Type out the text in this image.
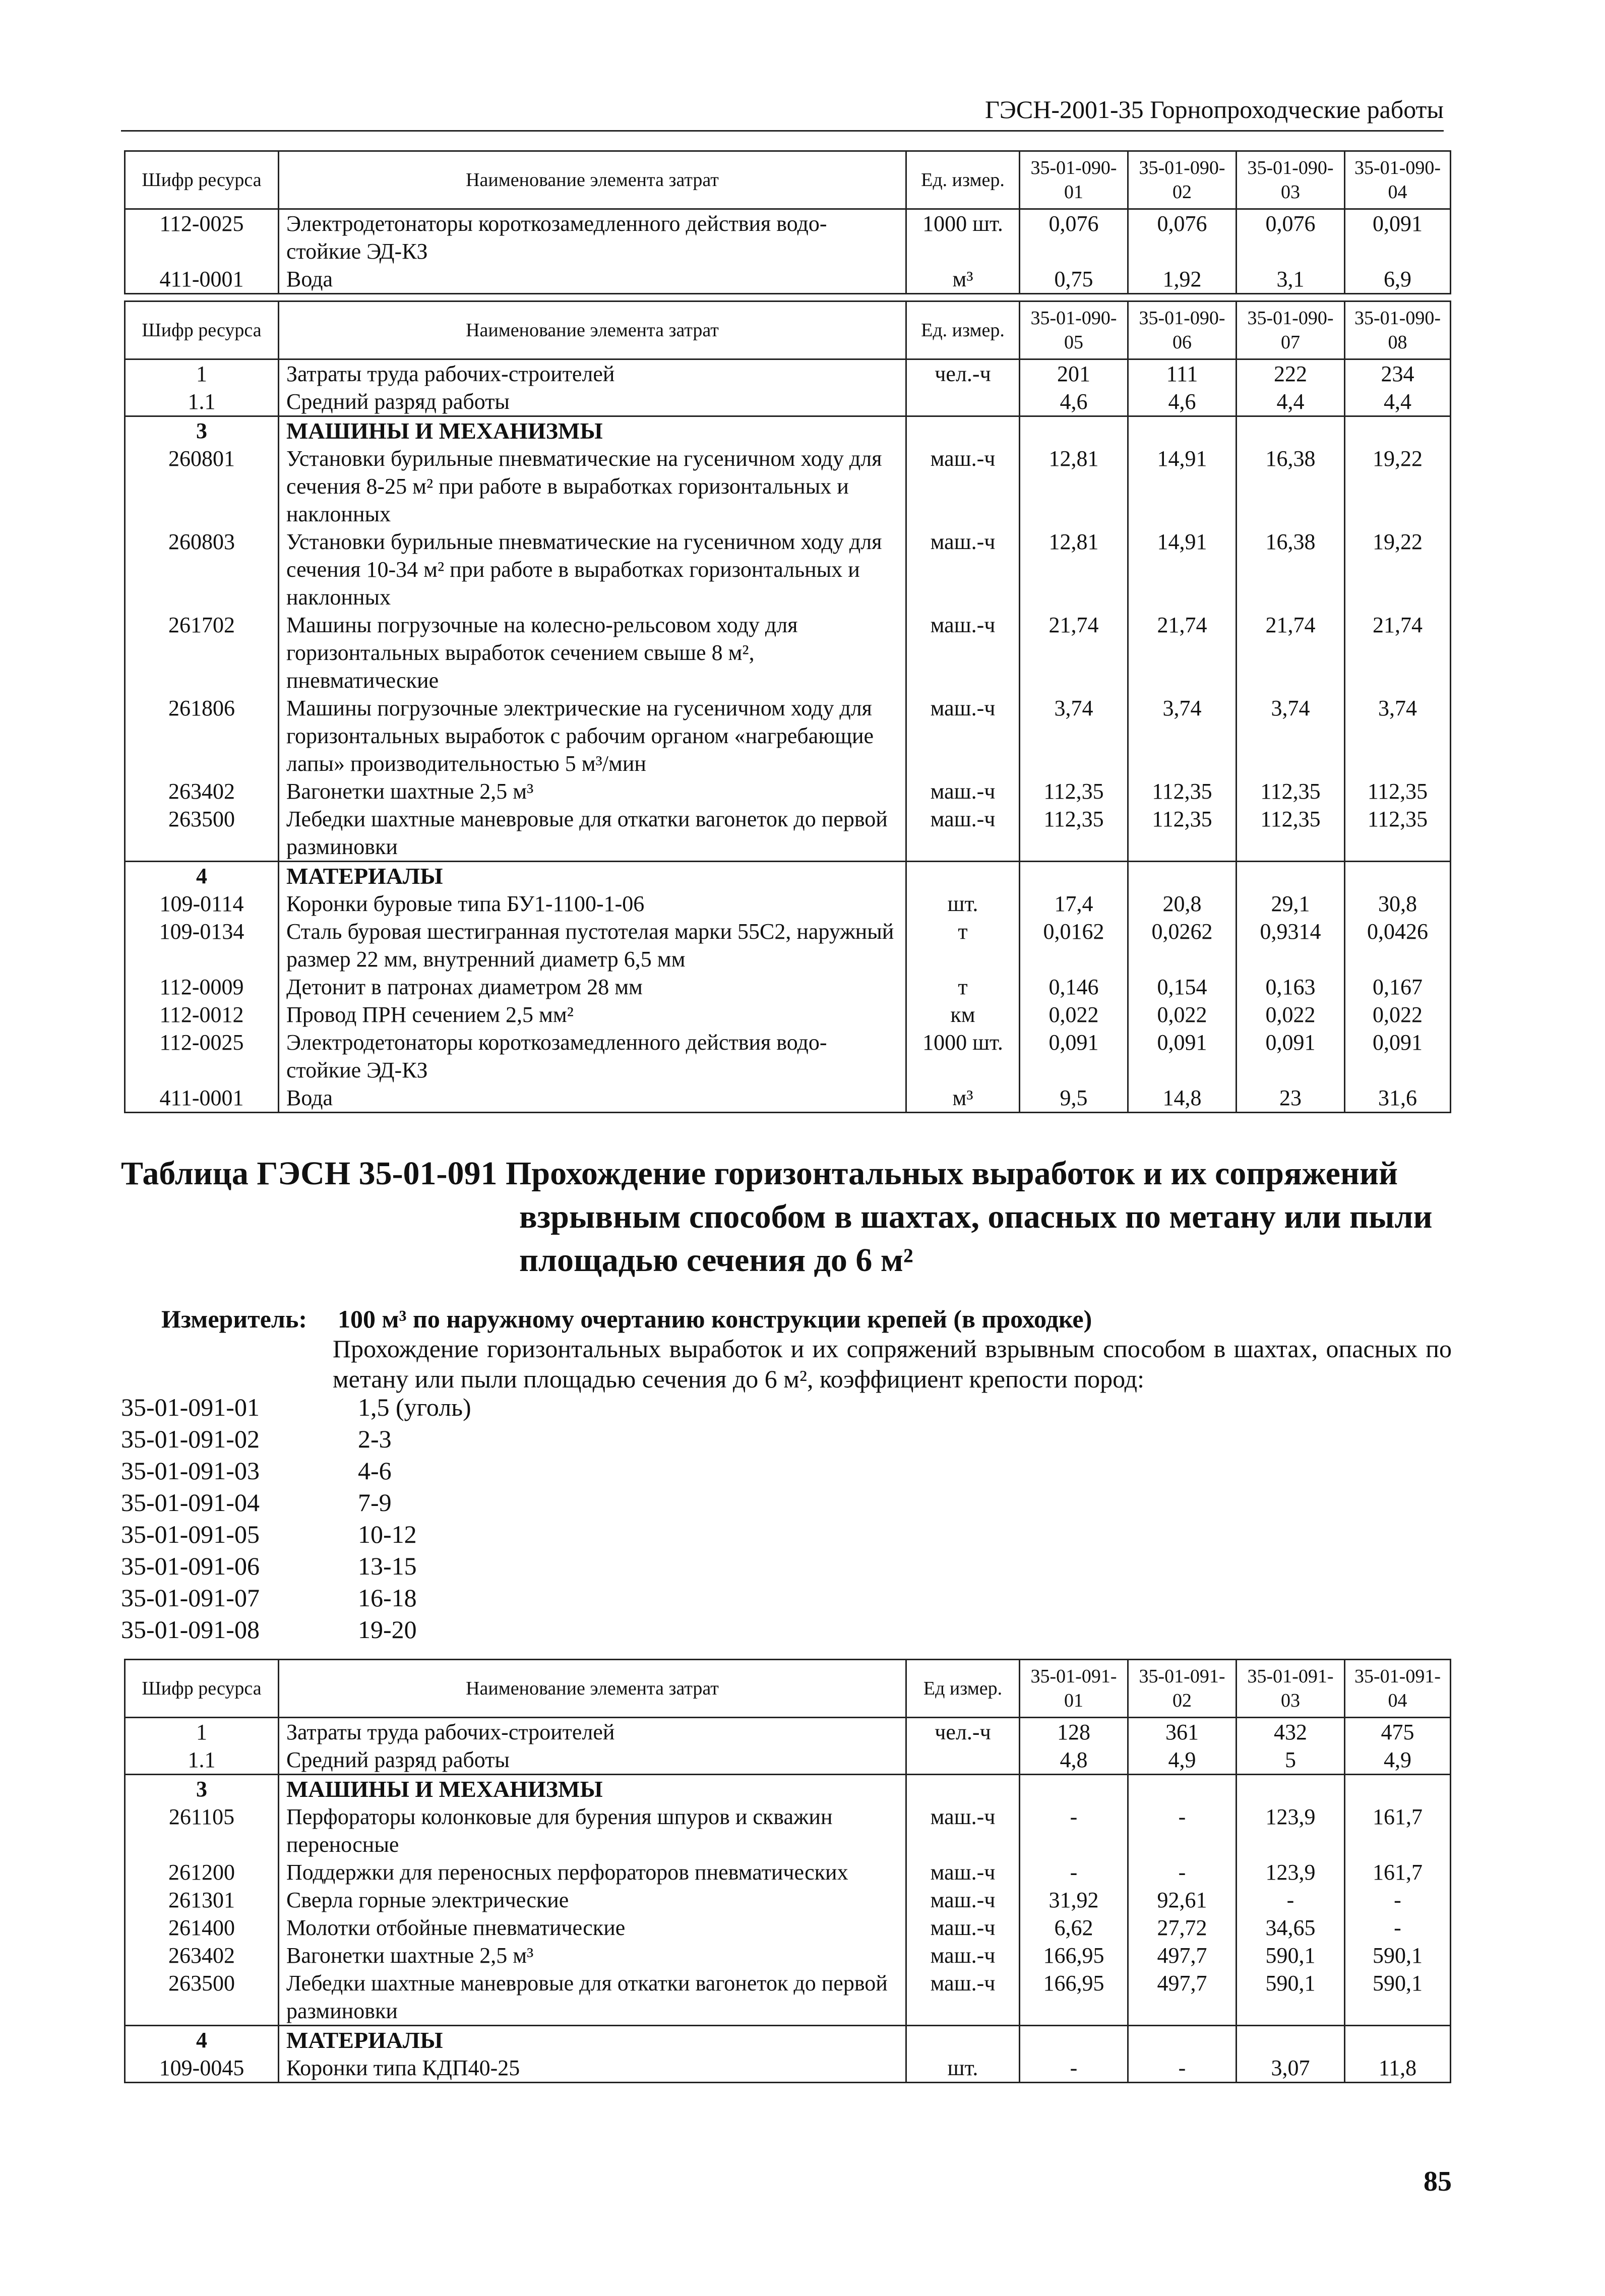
ГЭСН-2001-35 Горнопроходческие работы
Шифр ресурса	Наименование элемента затрат	Ед. измер.	35-01-090-01	35-01-090-02	35-01-090-03	35-01-090-04
112-0025	Электродетонаторы короткозамедленного действия водо-стойкие ЭД-КЗ	1000 шт.	0,076	0,076	0,076	0,091
411-0001	Вода	м³	0,75	1,92	3,1	6,9
Шифр ресурса	Наименование элемента затрат	Ед. измер.	35-01-090-05	35-01-090-06	35-01-090-07	35-01-090-08
1	Затраты труда рабочих-строителей	чел.-ч	201	111	222	234
1.1	Средний разряд работы		4,6	4,6	4,4	4,4
3	МАШИНЫ И МЕХАНИЗМЫ					
260801	Установки бурильные пневматические на гусеничном ходу для сечения 8-25 м² при работе в выработках горизонтальных и наклонных	маш.-ч	12,81	14,91	16,38	19,22
260803	Установки бурильные пневматические на гусеничном ходу для сечения 10-34 м² при работе в выработках горизонтальных и наклонных	маш.-ч	12,81	14,91	16,38	19,22
261702	Машины погрузочные на колесно-рельсовом ходу для горизонтальных выработок сечением свыше 8 м², пневматические	маш.-ч	21,74	21,74	21,74	21,74
261806	Машины погрузочные электрические на гусеничном ходу для горизонтальных выработок с рабочим органом «нагребающие лапы» производительностью 5 м³/мин	маш.-ч	3,74	3,74	3,74	3,74
263402	Вагонетки шахтные 2,5 м³	маш.-ч	112,35	112,35	112,35	112,35
263500	Лебедки шахтные маневровые для откатки вагонеток до первой разминовки	маш.-ч	112,35	112,35	112,35	112,35
4	МАТЕРИАЛЫ					
109-0114	Коронки буровые типа БУ1-1100-1-06	шт.	17,4	20,8	29,1	30,8
109-0134	Сталь буровая шестигранная пустотелая марки 55С2, наружный размер 22 мм, внутренний диаметр 6,5 мм	т	0,0162	0,0262	0,9314	0,0426
112-0009	Детонит в патронах диаметром 28 мм	т	0,146	0,154	0,163	0,167
112-0012	Провод ПРН сечением 2,5 мм²	км	0,022	0,022	0,022	0,022
112-0025	Электродетонаторы короткозамедленного действия водо-стойкие ЭД-КЗ	1000 шт.	0,091	0,091	0,091	0,091
411-0001	Вода	м³	9,5	14,8	23	31,6
Таблица ГЭСН 35-01-091 Прохождение горизонтальных выработок и их сопряжений
взрывным способом в шахтах, опасных по метану или пыли
площадью сечения до 6 м²
Измеритель: 100 м³ по наружному очертанию конструкции крепей (в проходке)
Прохождение горизонтальных выработок и их сопряжений взрывным способом в шахтах, опасных по метану или пыли площадью сечения до 6 м², коэффициент крепости пород:
35-01-091-01	1,5 (уголь)
35-01-091-02	2-3
35-01-091-03	4-6
35-01-091-04	7-9
35-01-091-05	10-12
35-01-091-06	13-15
35-01-091-07	16-18
35-01-091-08	19-20
Шифр ресурса	Наименование элемента затрат	Ед измер.	35-01-091-01	35-01-091-02	35-01-091-03	35-01-091-04
1	Затраты труда рабочих-строителей	чел.-ч	128	361	432	475
1.1	Средний разряд работы		4,8	4,9	5	4,9
3	МАШИНЫ И МЕХАНИЗМЫ					
261105	Перфораторы колонковые для бурения шпуров и скважин переносные	маш.-ч	-	-	123,9	161,7
261200	Поддержки для переносных перфораторов пневматических	маш.-ч	-	-	123,9	161,7
261301	Сверла горные электрические	маш.-ч	31,92	92,61	-	-
261400	Молотки отбойные пневматические	маш.-ч	6,62	27,72	34,65	-
263402	Вагонетки шахтные 2,5 м³	маш.-ч	166,95	497,7	590,1	590,1
263500	Лебедки шахтные маневровые для откатки вагонеток до первой разминовки	маш.-ч	166,95	497,7	590,1	590,1
4	МАТЕРИАЛЫ					
109-0045	Коронки типа КДП40-25	шт.	-	-	3,07	11,8
85
